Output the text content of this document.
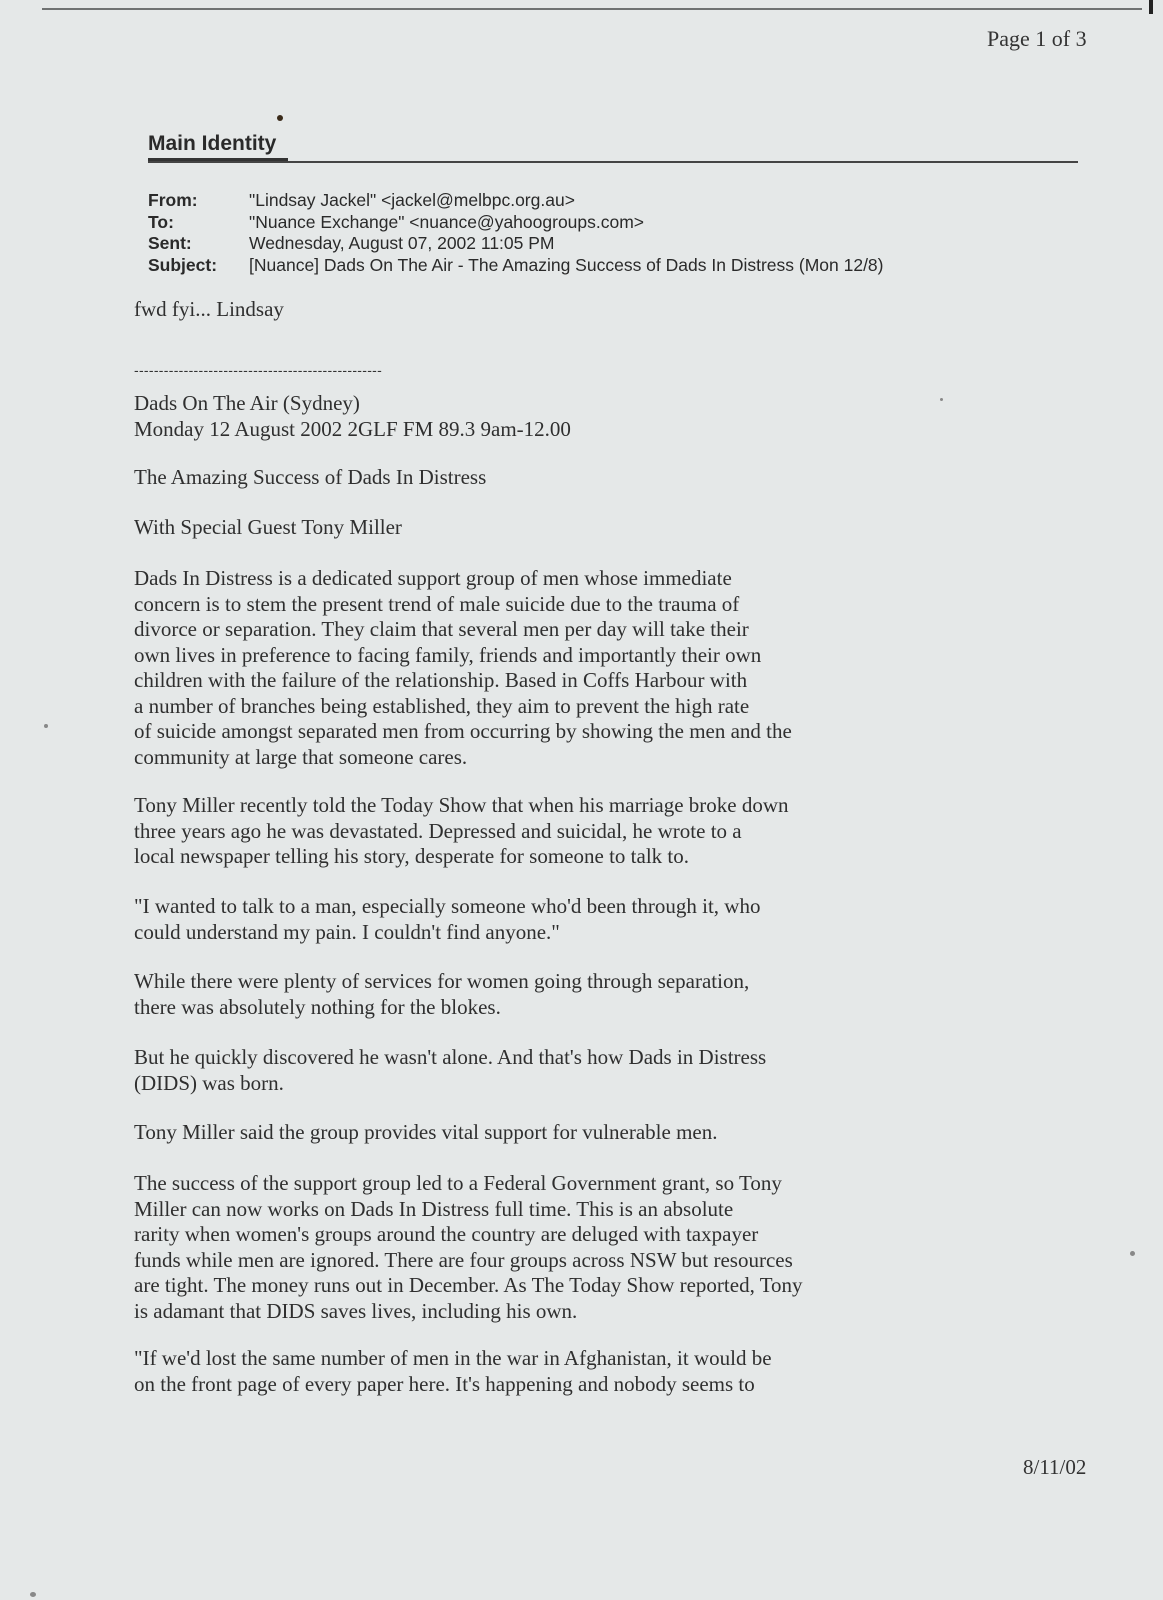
Page 1 of 3
Main Identity
From:	"Lindsay Jackel" <jackel@melbpc.org.au>
To:	"Nuance Exchange" <nuance@yahoogroups.com>
Sent:	Wednesday, August 07, 2002 11:05 PM
Subject:	[Nuance] Dads On The Air - The Amazing Success of Dads In Distress (Mon 12/8)

fwd fyi... Lindsay

--------------------------------------------------

Dads On The Air (Sydney)
Monday 12 August 2002 2GLF FM 89.3 9am-12.00

The Amazing Success of Dads In Distress

With Special Guest Tony Miller

Dads In Distress is a dedicated support group of men whose immediate
concern is to stem the present trend of male suicide due to the trauma of
divorce or separation. They claim that several men per day will take their
own lives in preference to facing family, friends and importantly their own
children with the failure of the relationship. Based in Coffs Harbour with
a number of branches being established, they aim to prevent the high rate
of suicide amongst separated men from occurring by showing the men and the
community at large that someone cares.

Tony Miller recently told the Today Show that when his marriage broke down
three years ago he was devastated. Depressed and suicidal, he wrote to a
local newspaper telling his story, desperate for someone to talk to.

"I wanted to talk to a man, especially someone who'd been through it, who
could understand my pain. I couldn't find anyone."

While there were plenty of services for women going through separation,
there was absolutely nothing for the blokes.

But he quickly discovered he wasn't alone. And that's how Dads in Distress
(DIDS) was born.

Tony Miller said the group provides vital support for vulnerable men.

The success of the support group led to a Federal Government grant, so Tony
Miller can now works on Dads In Distress full time. This is an absolute
rarity when women's groups around the country are deluged with taxpayer
funds while men are ignored. There are four groups across NSW but resources
are tight. The money runs out in December. As The Today Show reported, Tony
is adamant that DIDS saves lives, including his own.

"If we'd lost the same number of men in the war in Afghanistan, it would be
on the front page of every paper here. It's happening and nobody seems to

8/11/02
